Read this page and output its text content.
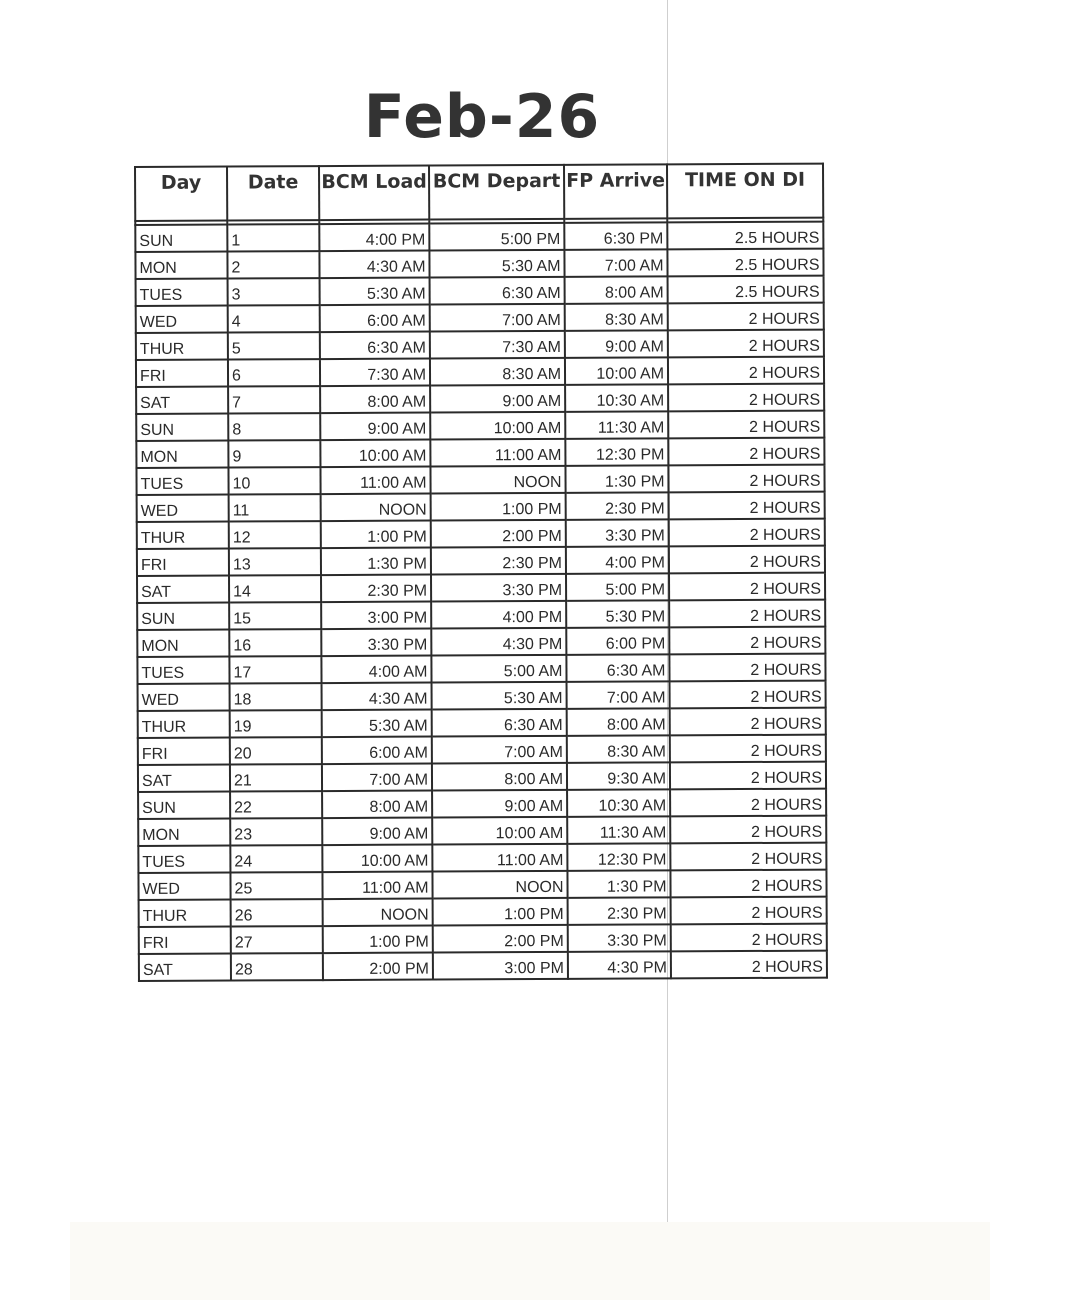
Feb-26
Day	Date	BCM Load	BCM Depart	FP Arrive	TIME ON DI

SUN	1	4:00 PM	5:00 PM	6:30 PM	2.5 HOURS
MON	2	4:30 AM	5:30 AM	7:00 AM	2.5 HOURS
TUES	3	5:30 AM	6:30 AM	8:00 AM	2.5 HOURS
WED	4	6:00 AM	7:00 AM	8:30 AM	2 HOURS
THUR	5	6:30 AM	7:30 AM	9:00 AM	2 HOURS
FRI	6	7:30 AM	8:30 AM	10:00 AM	2 HOURS
SAT	7	8:00 AM	9:00 AM	10:30 AM	2 HOURS
SUN	8	9:00 AM	10:00 AM	11:30 AM	2 HOURS
MON	9	10:00 AM	11:00 AM	12:30 PM	2 HOURS
TUES	10	11:00 AM	NOON	1:30 PM	2 HOURS
WED	11	NOON	1:00 PM	2:30 PM	2 HOURS
THUR	12	1:00 PM	2:00 PM	3:30 PM	2 HOURS
FRI	13	1:30 PM	2:30 PM	4:00 PM	2 HOURS
SAT	14	2:30 PM	3:30 PM	5:00 PM	2 HOURS
SUN	15	3:00 PM	4:00 PM	5:30 PM	2 HOURS
MON	16	3:30 PM	4:30 PM	6:00 PM	2 HOURS
TUES	17	4:00 AM	5:00 AM	6:30 AM	2 HOURS
WED	18	4:30 AM	5:30 AM	7:00 AM	2 HOURS
THUR	19	5:30 AM	6:30 AM	8:00 AM	2 HOURS
FRI	20	6:00 AM	7:00 AM	8:30 AM	2 HOURS
SAT	21	7:00 AM	8:00 AM	9:30 AM	2 HOURS
SUN	22	8:00 AM	9:00 AM	10:30 AM	2 HOURS
MON	23	9:00 AM	10:00 AM	11:30 AM	2 HOURS
TUES	24	10:00 AM	11:00 AM	12:30 PM	2 HOURS
WED	25	11:00 AM	NOON	1:30 PM	2 HOURS
THUR	26	NOON	1:00 PM	2:30 PM	2 HOURS
FRI	27	1:00 PM	2:00 PM	3:30 PM	2 HOURS
SAT	28	2:00 PM	3:00 PM	4:30 PM	2 HOURS
